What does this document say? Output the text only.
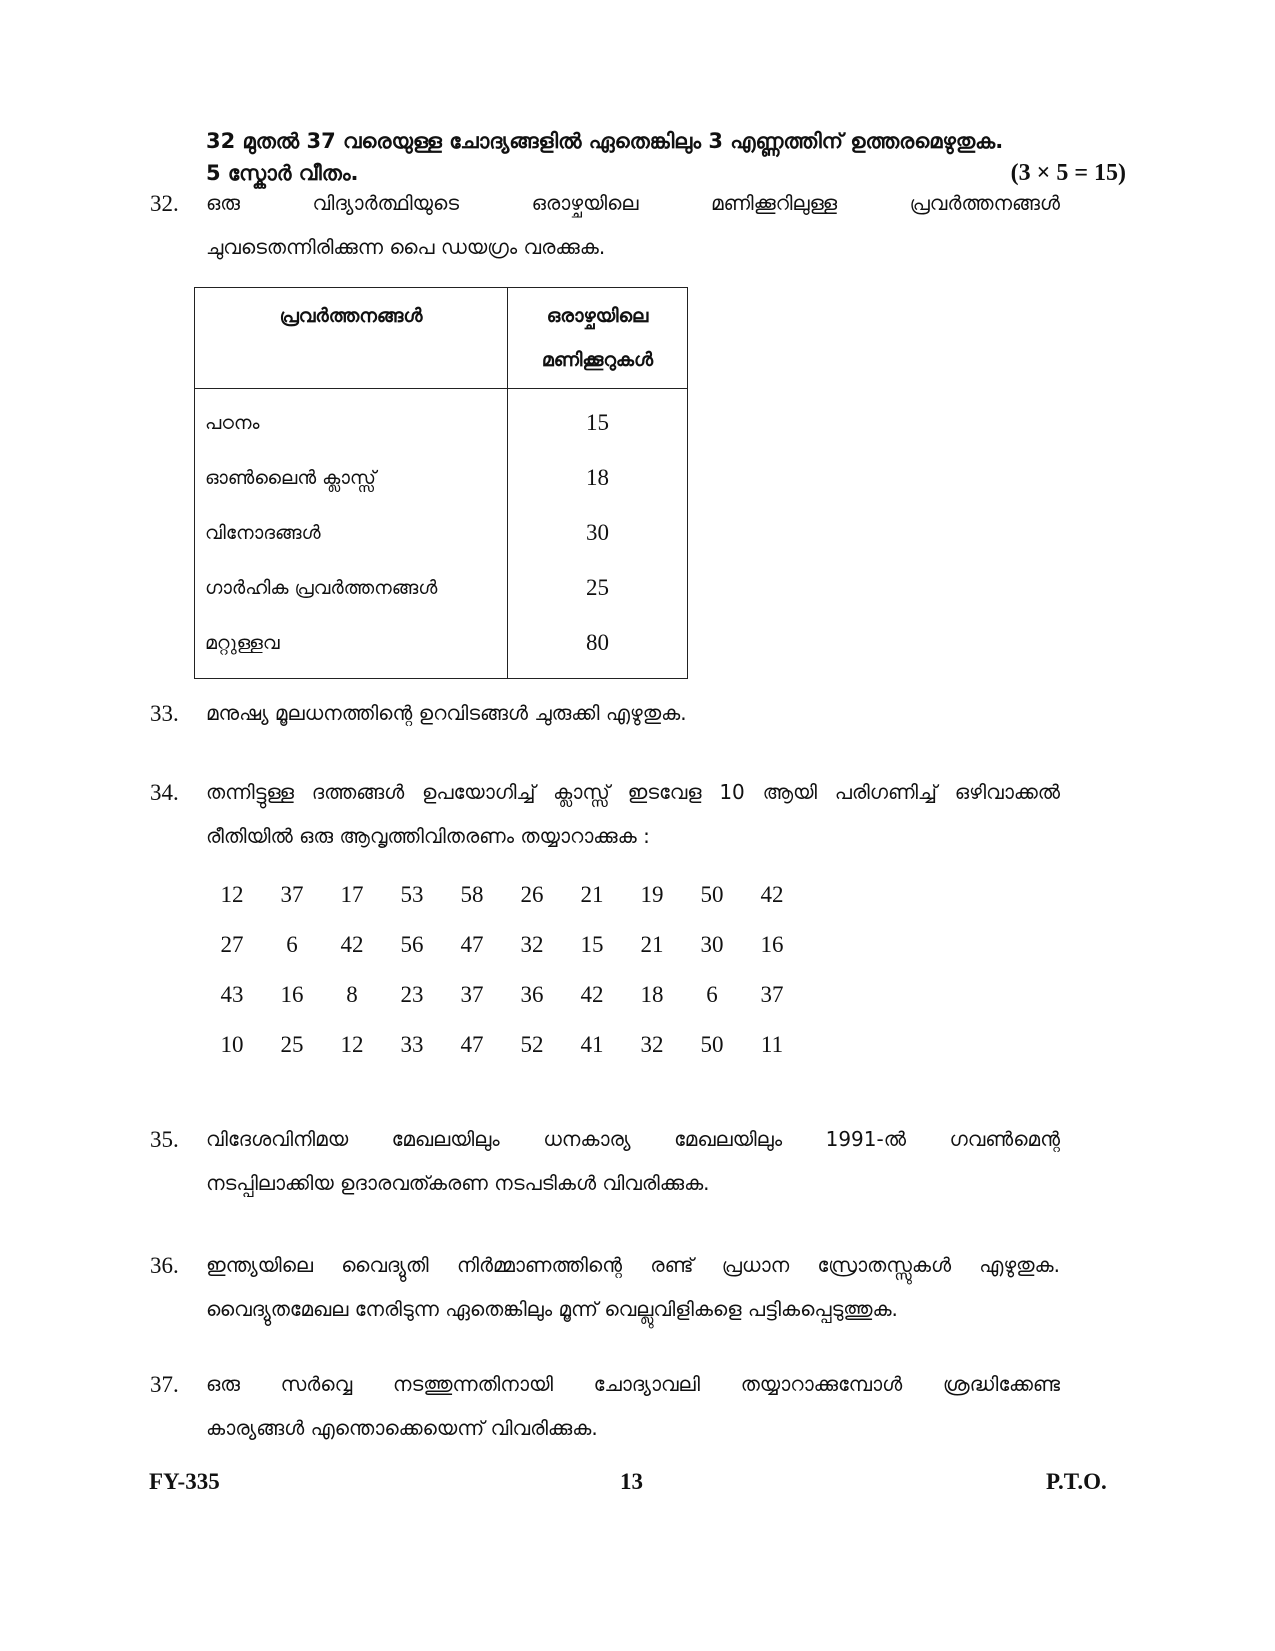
32 മുതൽ 37 വരെയുള്ള ചോദ്യങ്ങളിൽ ഏതെങ്കിലും 3 എണ്ണത്തിന് ഉത്തരമെഴുതുക.
5 സ്കോർ വീതം.	(3 × 5 = 15)
32. ഒരു വിദ്യാർത്ഥിയുടെ ഒരാഴ്ചയിലെ മണിക്കൂറിലുള്ള പ്രവർത്തനങ്ങൾ
ചുവടെതന്നിരിക്കുന്ന പൈ ഡയഗ്രം വരക്കുക.
പ്രവർത്തനങ്ങൾ	ഒരാഴ്ചയിലെ
മണിക്കൂറുകൾ
പഠനം	15
ഓൺലൈൻ ക്ലാസ്സ്	18
വിനോദങ്ങൾ	30
ഗാർഹിക പ്രവർത്തനങ്ങൾ	25
മറ്റുള്ളവ	80
33. മനുഷ്യ മൂലധനത്തിന്റെ ഉറവിടങ്ങൾ ചുരുക്കി എഴുതുക.
34. തന്നിട്ടുള്ള ദത്തങ്ങൾ ഉപയോഗിച്ച് ക്ലാസ്സ് ഇടവേള 10 ആയി പരിഗണിച്ച് ഒഴിവാക്കൽ
രീതിയിൽ ഒരു ആവൃത്തിവിതരണം തയ്യാറാക്കുക :
12	37	17	53	58	26	21	19	50	42
27	6	42	56	47	32	15	21	30	16
43	16	8	23	37	36	42	18	6	37
10	25	12	33	47	52	41	32	50	11
35. വിദേശവിനിമയ മേഖലയിലും ധനകാര്യ മേഖലയിലും 1991-ൽ ഗവൺമെന്റ
നടപ്പിലാക്കിയ ഉദാരവത്കരണ നടപടികൾ വിവരിക്കുക.
36. ഇന്ത്യയിലെ വൈദ്യുതി നിർമ്മാണത്തിന്റെ രണ്ട് പ്രധാന സ്രോതസ്സുകൾ എഴുതുക.
വൈദ്യുതമേഖല നേരിടുന്ന ഏതെങ്കിലും മൂന്ന് വെല്ലുവിളികളെ പട്ടികപ്പെടുത്തുക.
37. ഒരു സർവ്വെ നടത്തുന്നതിനായി ചോദ്യാവലി തയ്യാറാക്കുമ്പോൾ ശ്രദ്ധിക്കേണ്ട
കാര്യങ്ങൾ എന്തൊക്കെയെന്ന് വിവരിക്കുക.
FY-335	13	P.T.O.
